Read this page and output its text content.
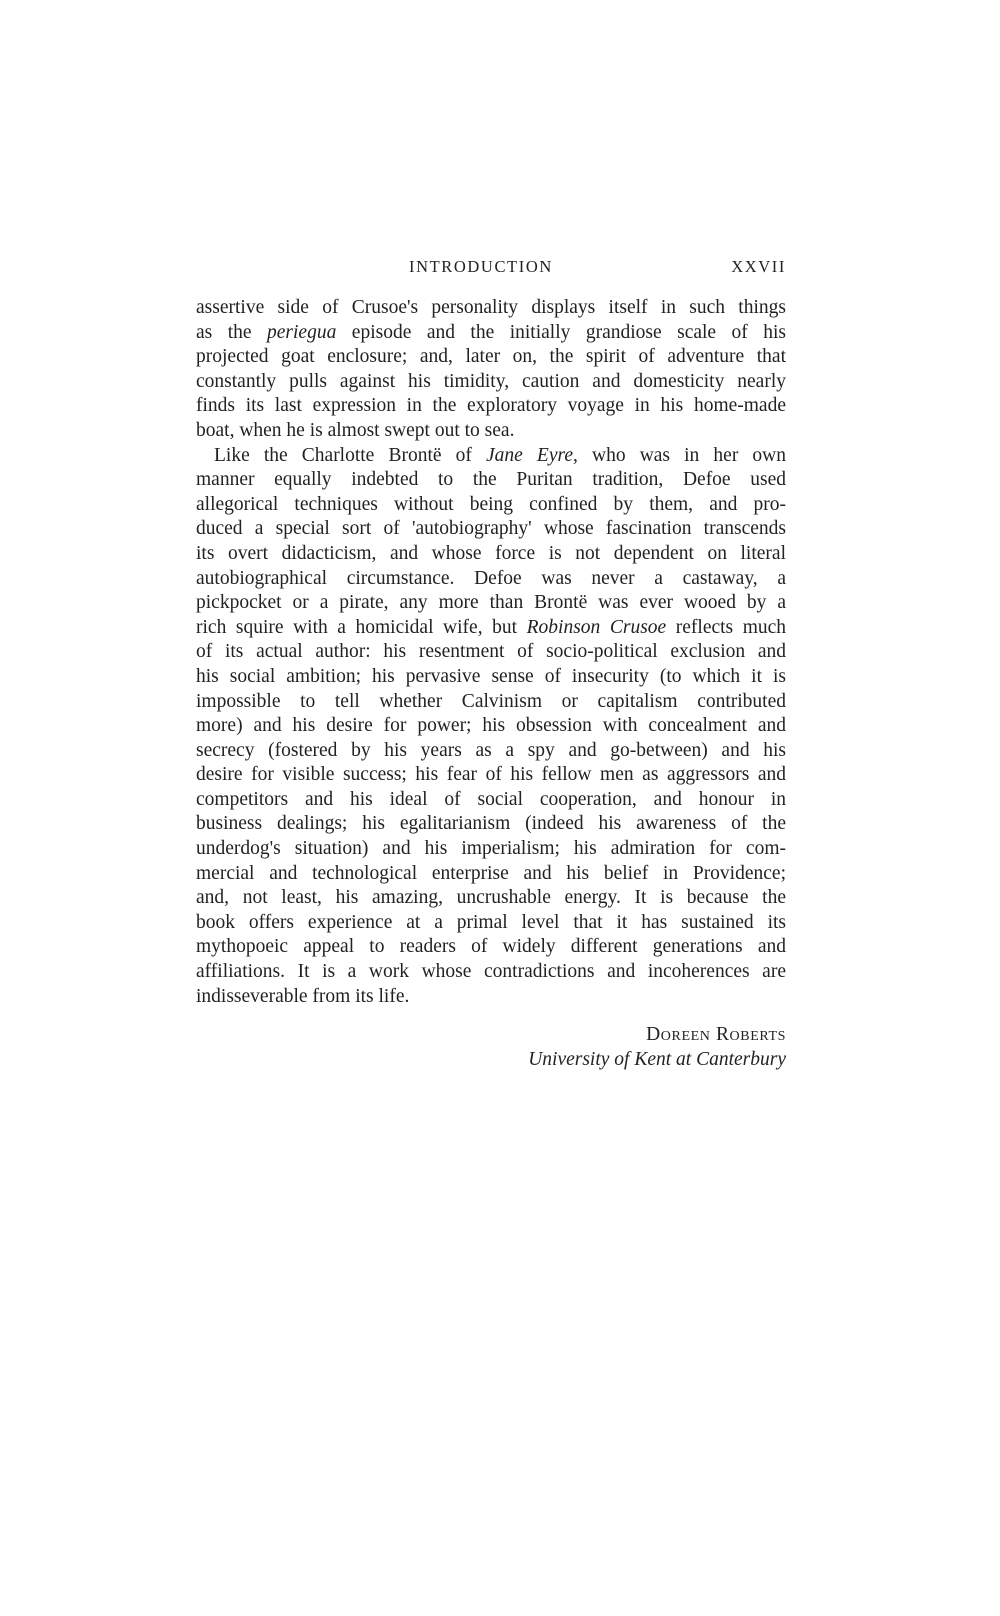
INTRODUCTION	XXVII
assertive side of Crusoe's personality displays itself in such things
as the periegua episode and the initially grandiose scale of his
projected goat enclosure; and, later on, the spirit of adventure that
constantly pulls against his timidity, caution and domesticity nearly
finds its last expression in the exploratory voyage in his home-made
boat, when he is almost swept out to sea.
Like the Charlotte Brontë of Jane Eyre, who was in her own
manner equally indebted to the Puritan tradition, Defoe used
allegorical techniques without being confined by them, and pro-
duced a special sort of 'autobiography' whose fascination transcends
its overt didacticism, and whose force is not dependent on literal
autobiographical circumstance. Defoe was never a castaway, a
pickpocket or a pirate, any more than Brontë was ever wooed by a
rich squire with a homicidal wife, but Robinson Crusoe reflects much
of its actual author: his resentment of socio-political exclusion and
his social ambition; his pervasive sense of insecurity (to which it is
impossible to tell whether Calvinism or capitalism contributed
more) and his desire for power; his obsession with concealment and
secrecy (fostered by his years as a spy and go-between) and his
desire for visible success; his fear of his fellow men as aggressors and
competitors and his ideal of social cooperation, and honour in
business dealings; his egalitarianism (indeed his awareness of the
underdog's situation) and his imperialism; his admiration for com-
mercial and technological enterprise and his belief in Providence;
and, not least, his amazing, uncrushable energy. It is because the
book offers experience at a primal level that it has sustained its
mythopoeic appeal to readers of widely different generations and
affiliations. It is a work whose contradictions and incoherences are
indisseverable from its life.
Doreen Roberts
University of Kent at Canterbury
